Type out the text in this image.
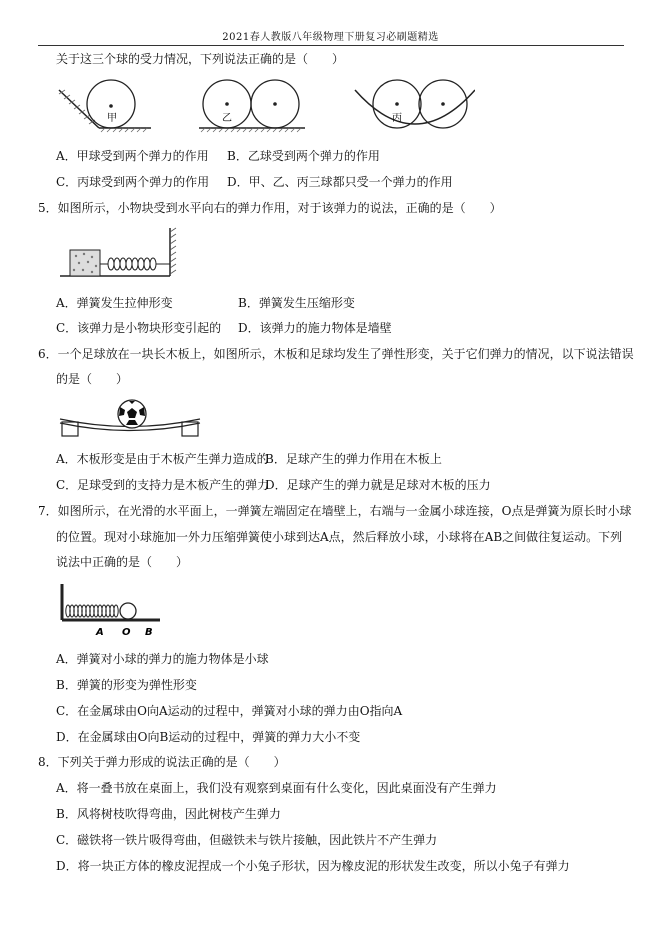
2021春人教版八年级物理下册复习必刷题精选
关于这三个球的受力情况，下列说法正确的是（　　）
甲	乙	丙
A．甲球受到两个弹力的作用 B．乙球受到两个弹力的作用
C．丙球受到两个弹力的作用 D．甲、乙、丙三球都只受一个弹力的作用
5．如图所示，小物块受到水平向右的弹力作用，对于该弹力的说法，正确的是（　　）
A．弹簧发生拉伸形变	B．弹簧发生压缩形变
C．该弹力是小物块形变引起的 D．该弹力的施力物体是墙壁
6．一个足球放在一块长木板上，如图所示，木板和足球均发生了弹性形变，关于它们弹力的情况，以下说法错误
的是（　　）
A．木板形变是由于木板产生弹力造成的
B．足球产生的弹力作用在木板上
C．足球受到的支持力是木板产生的弹力
D．足球产生的弹力就是足球对木板的压力
7．如图所示，在光滑的水平面上，一弹簧左端固定在墙壁上，右端与一金属小球连接，O点是弹簧为原长时小球
的位置。现对小球施加一外力压缩弹簧使小球到达A点，然后释放小球，小球将在AB之间做往复运动。下列
说法中正确的是（　　）
A O B
A．弹簧对小球的弹力的施力物体是小球
B．弹簧的形变为弹性形变
C．在金属球由O向A运动的过程中，弹簧对小球的弹力由O指向A
D．在金属球由O向B运动的过程中，弹簧的弹力大小不变
8．下列关于弹力形成的说法正确的是（　　）
A．将一叠书放在桌面上，我们没有观察到桌面有什么变化，因此桌面没有产生弹力
B．风将树枝吹得弯曲，因此树枝产生弹力
C．磁铁将一铁片吸得弯曲，但磁铁未与铁片接触，因此铁片不产生弹力
D．将一块正方体的橡皮泥捏成一个小兔子形状，因为橡皮泥的形状发生改变，所以小兔子有弹力
